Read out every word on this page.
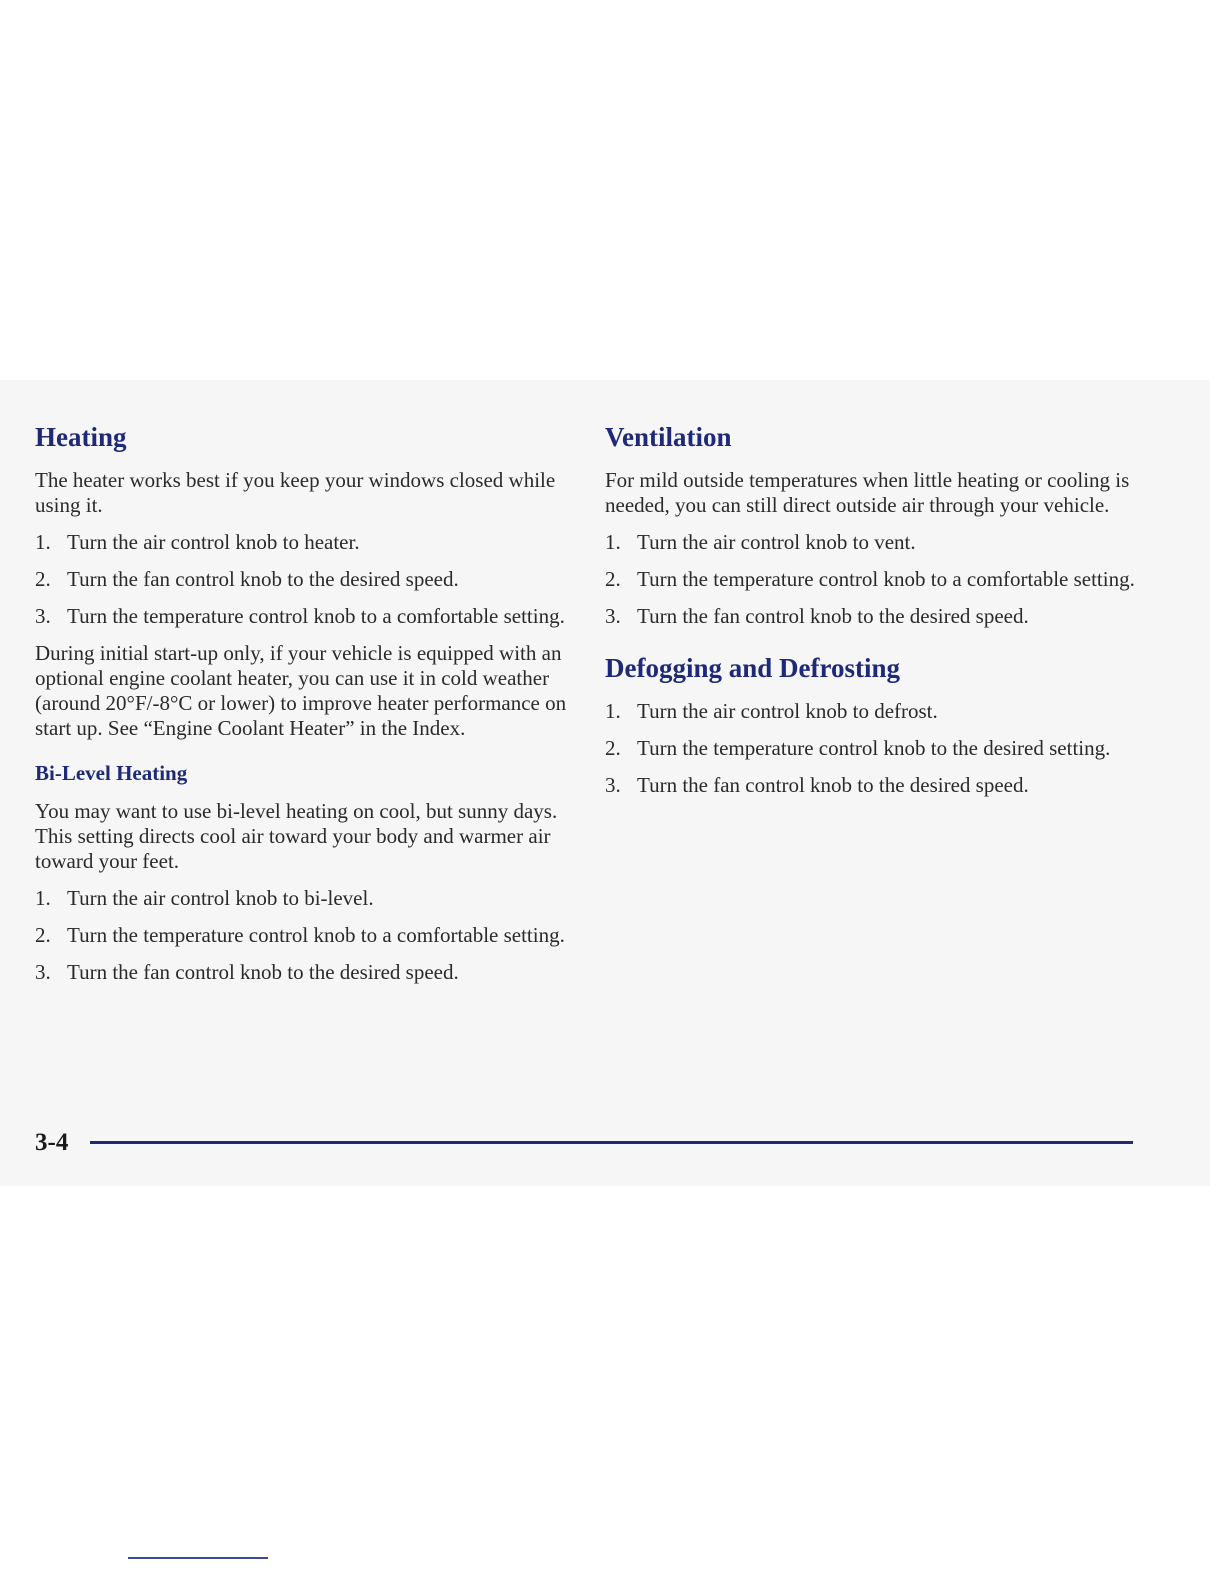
Heating

The heater works best if you keep your windows closed while using it.

1. Turn the air control knob to heater.
2. Turn the fan control knob to the desired speed.
3. Turn the temperature control knob to a comfortable setting.

During initial start-up only, if your vehicle is equipped with an optional engine coolant heater, you can use it in cold weather (around 20°F/-8°C or lower) to improve heater performance on start up. See “Engine Coolant Heater” in the Index.

Bi-Level Heating

You may want to use bi-level heating on cool, but sunny days. This setting directs cool air toward your body and warmer air toward your feet.

1. Turn the air control knob to bi-level.
2. Turn the temperature control knob to a comfortable setting.
3. Turn the fan control knob to the desired speed.
Ventilation

For mild outside temperatures when little heating or cooling is needed, you can still direct outside air through your vehicle.

1. Turn the air control knob to vent.
2. Turn the temperature control knob to a comfortable setting.
3. Turn the fan control knob to the desired speed.
Defogging and Defrosting
1. Turn the air control knob to defrost.
2. Turn the temperature control knob to the desired setting.
3. Turn the fan control knob to the desired speed.
3-4
